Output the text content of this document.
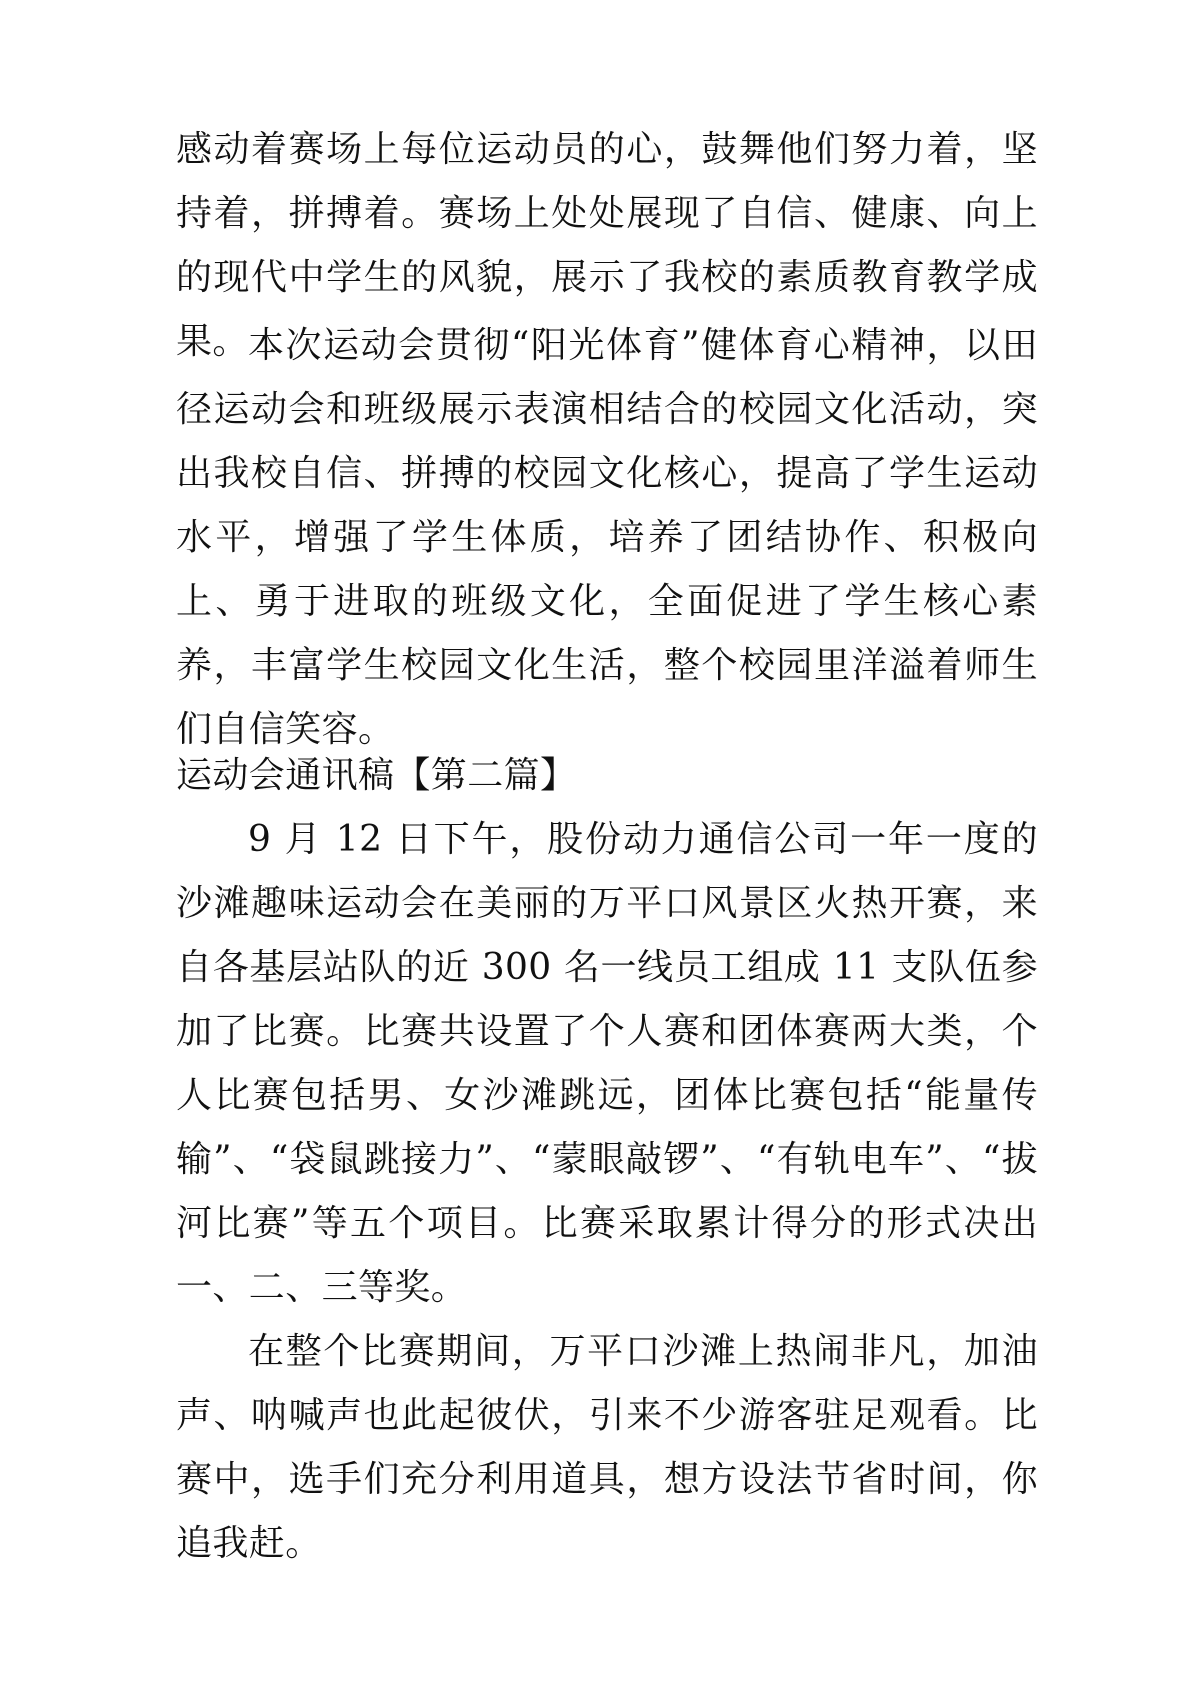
感动着赛场上每位运动员的心，鼓舞他们努力着，坚持着，拼搏着。赛场上处处展现了自信、健康、向上的现代中学生的风貌，展示了我校的素质教育教学成果。 本次运动会贯彻“阳光体育”健体育心精神，以田径运动会和班级展示表演相结合的校园文化活动，突出我校自信、拼搏的校园文化核心，提高了学生运动水平，增强了学生体质，培养了团结协作、积极向上、勇于进取的班级文化，全面促进了学生核心素养，丰富学生校园文化生活，整个校园里洋溢着师生们自信笑容。

运动会通讯稿【第二篇】

9 月 12 日下午，股份动力通信公司一年一度的沙滩趣味运动会在美丽的万平口风景区火热开赛，来自各基层站队的近 300 名一线员工组成 11 支队伍参加了比赛。比赛共设置了个人赛和团体赛两大类，个人比赛包括男、女沙滩跳远，团体比赛包括“能量传输”、“袋鼠跳接力”、“蒙眼敲锣”、“有轨电车”、“拔河比赛”等五个项目。比赛采取累计得分的形式决出一、二、三等奖。

在整个比赛期间，万平口沙滩上热闹非凡，加油声、呐喊声也此起彼伏，引来不少游客驻足观看。比赛中，选手们充分利用道具，想方设法节省时间，你追我赶。
